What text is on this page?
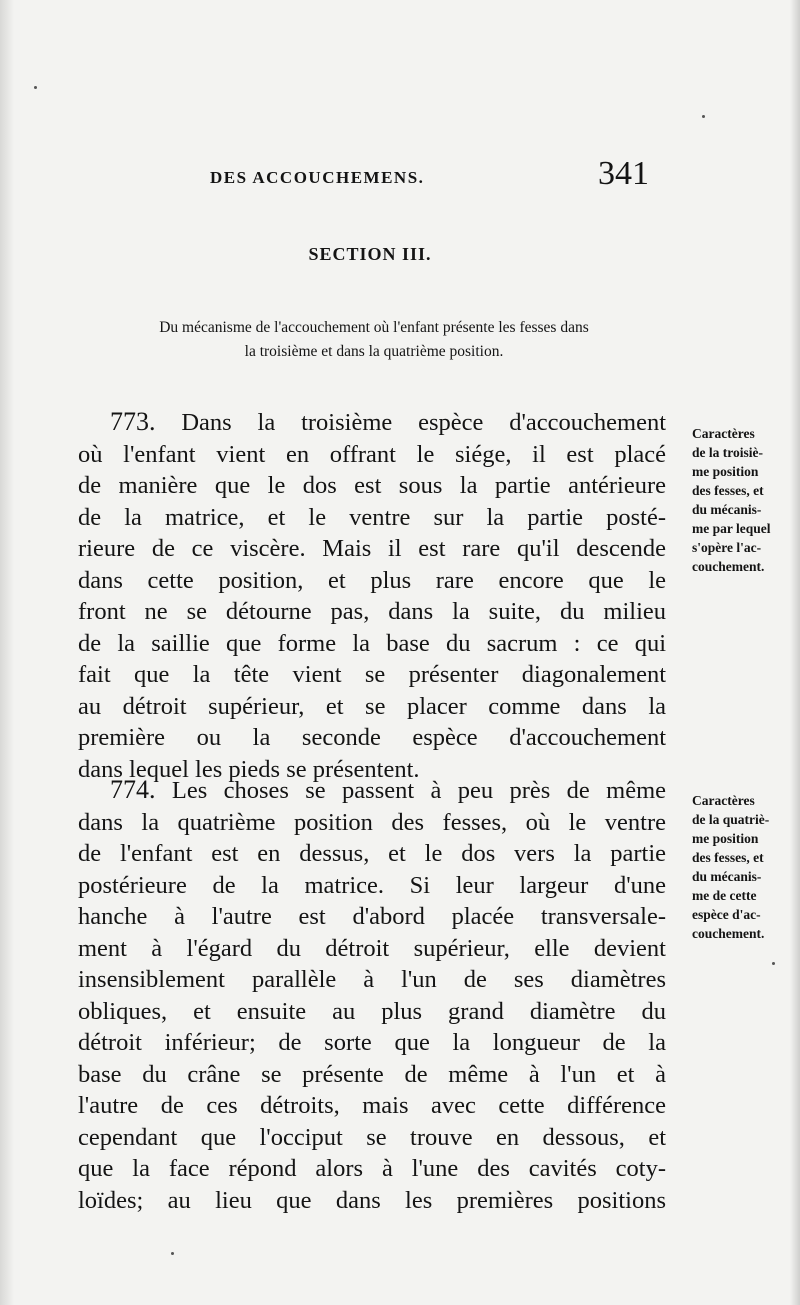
DES ACCOUCHEMENS.	341
SECTION III.
Du mécanisme de l'accouchement où l'enfant présente les fesses dans
la troisième et dans la quatrième position.
773. Dans la troisième espèce d'accouchement
où l'enfant vient en offrant le siége, il est placé
de manière que le dos est sous la partie antérieure
de la matrice, et le ventre sur la partie posté-
rieure de ce viscère. Mais il est rare qu'il descende
dans cette position, et plus rare encore que le
front ne se détourne pas, dans la suite, du milieu
de la saillie que forme la base du sacrum : ce qui
fait que la tête vient se présenter diagonalement
au détroit supérieur, et se placer comme dans la
première ou la seconde espèce d'accouchement
dans lequel les pieds se présentent.
Caractères
de la troisiè-
me position
des fesses, et
du mécanis-
me par lequel
s'opère l'ac-
couchement.
774. Les choses se passent à peu près de même
dans la quatrième position des fesses, où le ventre
de l'enfant est en dessus, et le dos vers la partie
postérieure de la matrice. Si leur largeur d'une
hanche à l'autre est d'abord placée transversale-
ment à l'égard du détroit supérieur, elle devient
insensiblement parallèle à l'un de ses diamètres
obliques, et ensuite au plus grand diamètre du
détroit inférieur; de sorte que la longueur de la
base du crâne se présente de même à l'un et à
l'autre de ces détroits, mais avec cette différence
cependant que l'occiput se trouve en dessous, et
que la face répond alors à l'une des cavités coty-
loïdes; au lieu que dans les premières positions
Caractères
de la quatriè-
me position
des fesses, et
du mécanis-
me de cette
espèce d'ac-
couchement.
